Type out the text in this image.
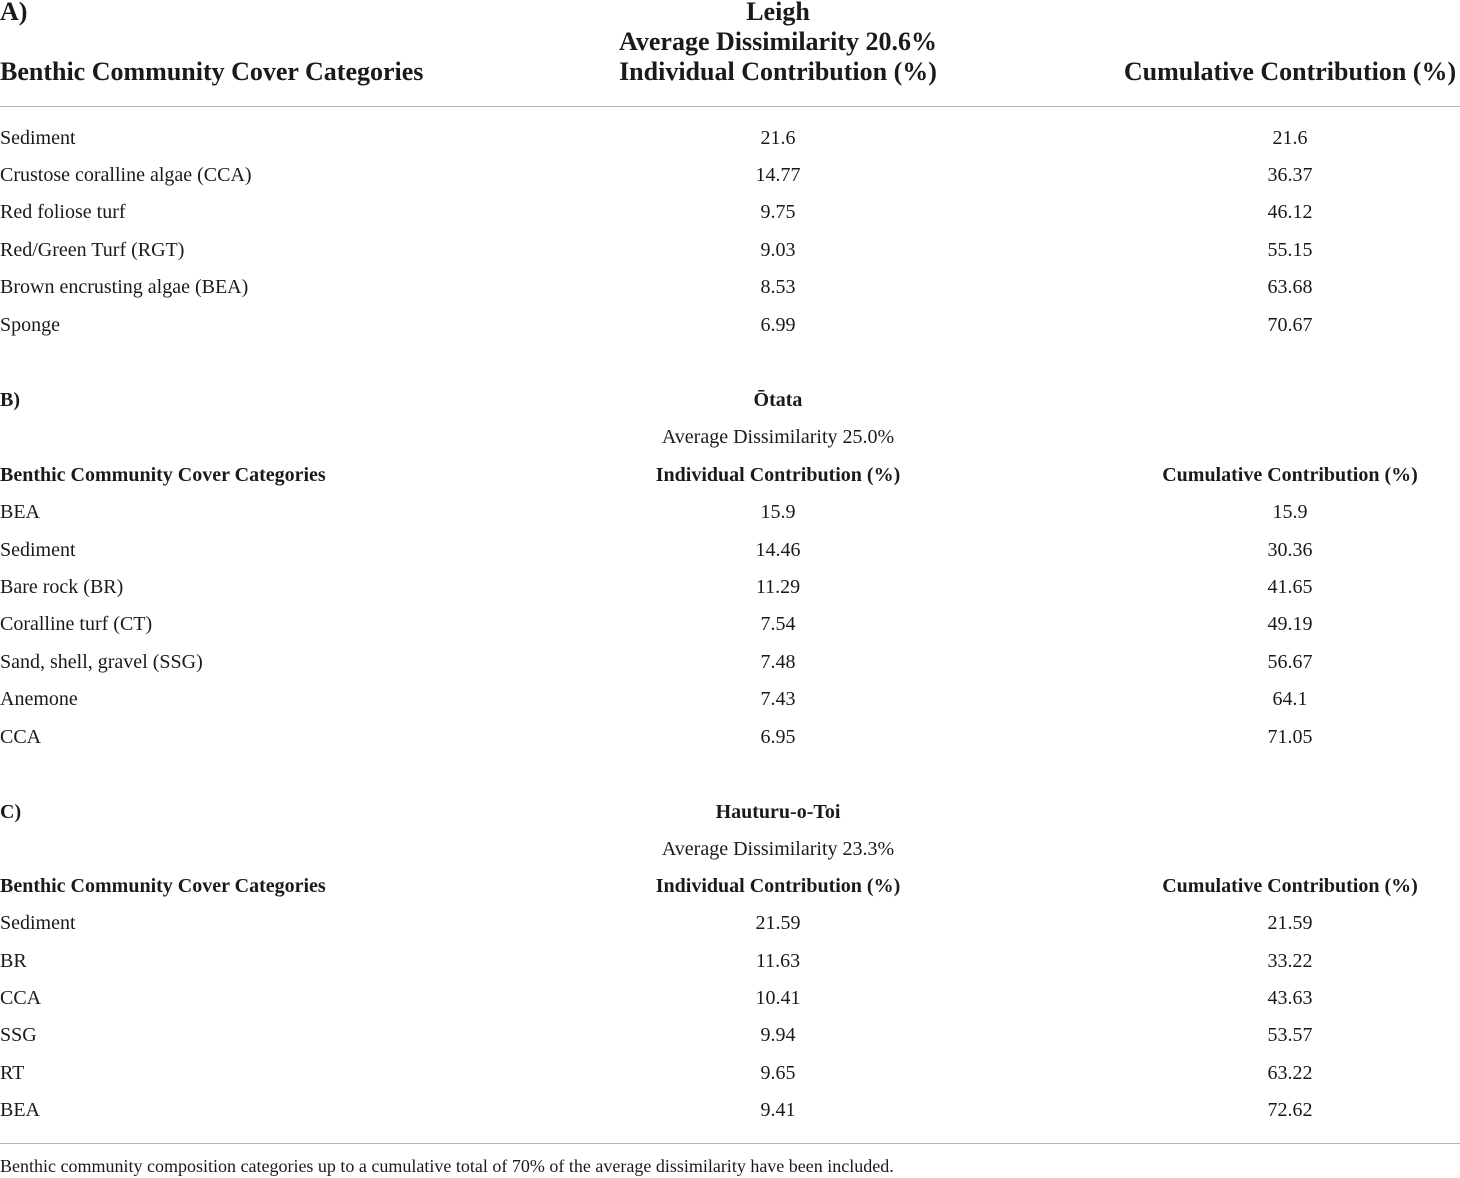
A)	Leigh
Average Dissimilarity 20.6%
Benthic Community Cover Categories	Individual Contribution (%)	Cumulative Contribution (%)
Sediment	21.6	21.6
Crustose coralline algae (CCA)	14.77	36.37
Red foliose turf	9.75	46.12
Red/Green Turf (RGT)	9.03	55.15
Brown encrusting algae (BEA)	8.53	63.68
Sponge	6.99	70.67
B)	Ōtata
Average Dissimilarity 25.0%
Benthic Community Cover Categories	Individual Contribution (%)	Cumulative Contribution (%)
BEA	15.9	15.9
Sediment	14.46	30.36
Bare rock (BR)	11.29	41.65
Coralline turf (CT)	7.54	49.19
Sand, shell, gravel (SSG)	7.48	56.67
Anemone	7.43	64.1
CCA	6.95	71.05
C)	Hauturu-o-Toi
Average Dissimilarity 23.3%
Benthic Community Cover Categories	Individual Contribution (%)	Cumulative Contribution (%)
Sediment	21.59	21.59
BR	11.63	33.22
CCA	10.41	43.63
SSG	9.94	53.57
RT	9.65	63.22
BEA	9.41	72.62
Benthic community composition categories up to a cumulative total of 70% of the average dissimilarity have been included.
